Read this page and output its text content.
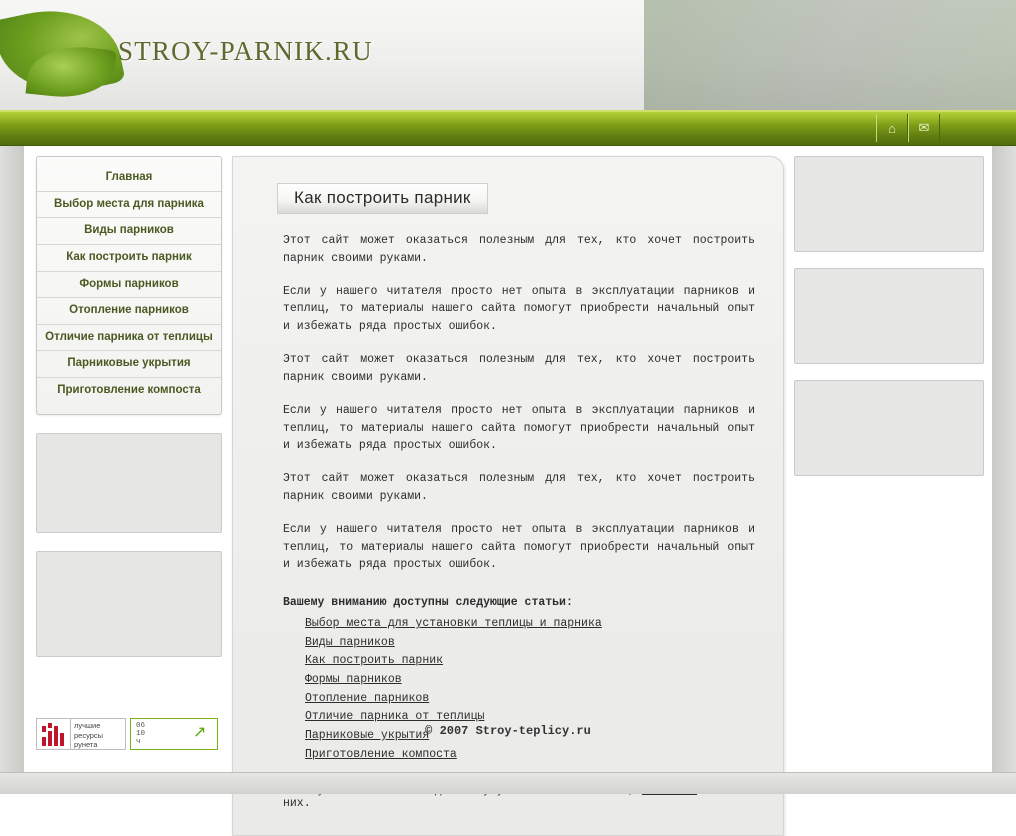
STROY-PARNIK.RU
⌂	✉
Главная
Выбор места для парника
Виды парников
Как построить парник
Формы парников
Отопление парников
Отличие парника от теплицы
Парниковые укрытия
Приготовление компоста
Как построить парник

Этот сайт может оказаться полезным для тех, кто хочет построить парник своими руками.

Если у нашего читателя просто нет опыта в эксплуатации парников и теплиц, то материалы нашего сайта помогут приобрести начальный опыт и избежать ряда простых ошибок.

Этот сайт может оказаться полезным для тех, кто хочет построить парник своими руками.

Если у нашего читателя просто нет опыта в эксплуатации парников и теплиц, то материалы нашего сайта помогут приобрести начальный опыт и избежать ряда простых ошибок.

Этот сайт может оказаться полезным для тех, кто хочет построить парник своими руками.

Если у нашего читателя просто нет опыта в эксплуатации парников и теплиц, то материалы нашего сайта помогут приобрести начальный опыт и избежать ряда простых ошибок.

Вашему вниманию доступны следующие статьи:
Выбор места для установки теплицы и парника
Виды парников
Как построить парник
Формы парников
Отопление парников
Отличие парника от теплицы
Парниковые укрытия
Приготовление компоста
них.
лучшие
ресурсы
рунета
06
10
ч
↗	© 2007 Stroy-teplicy.ru
